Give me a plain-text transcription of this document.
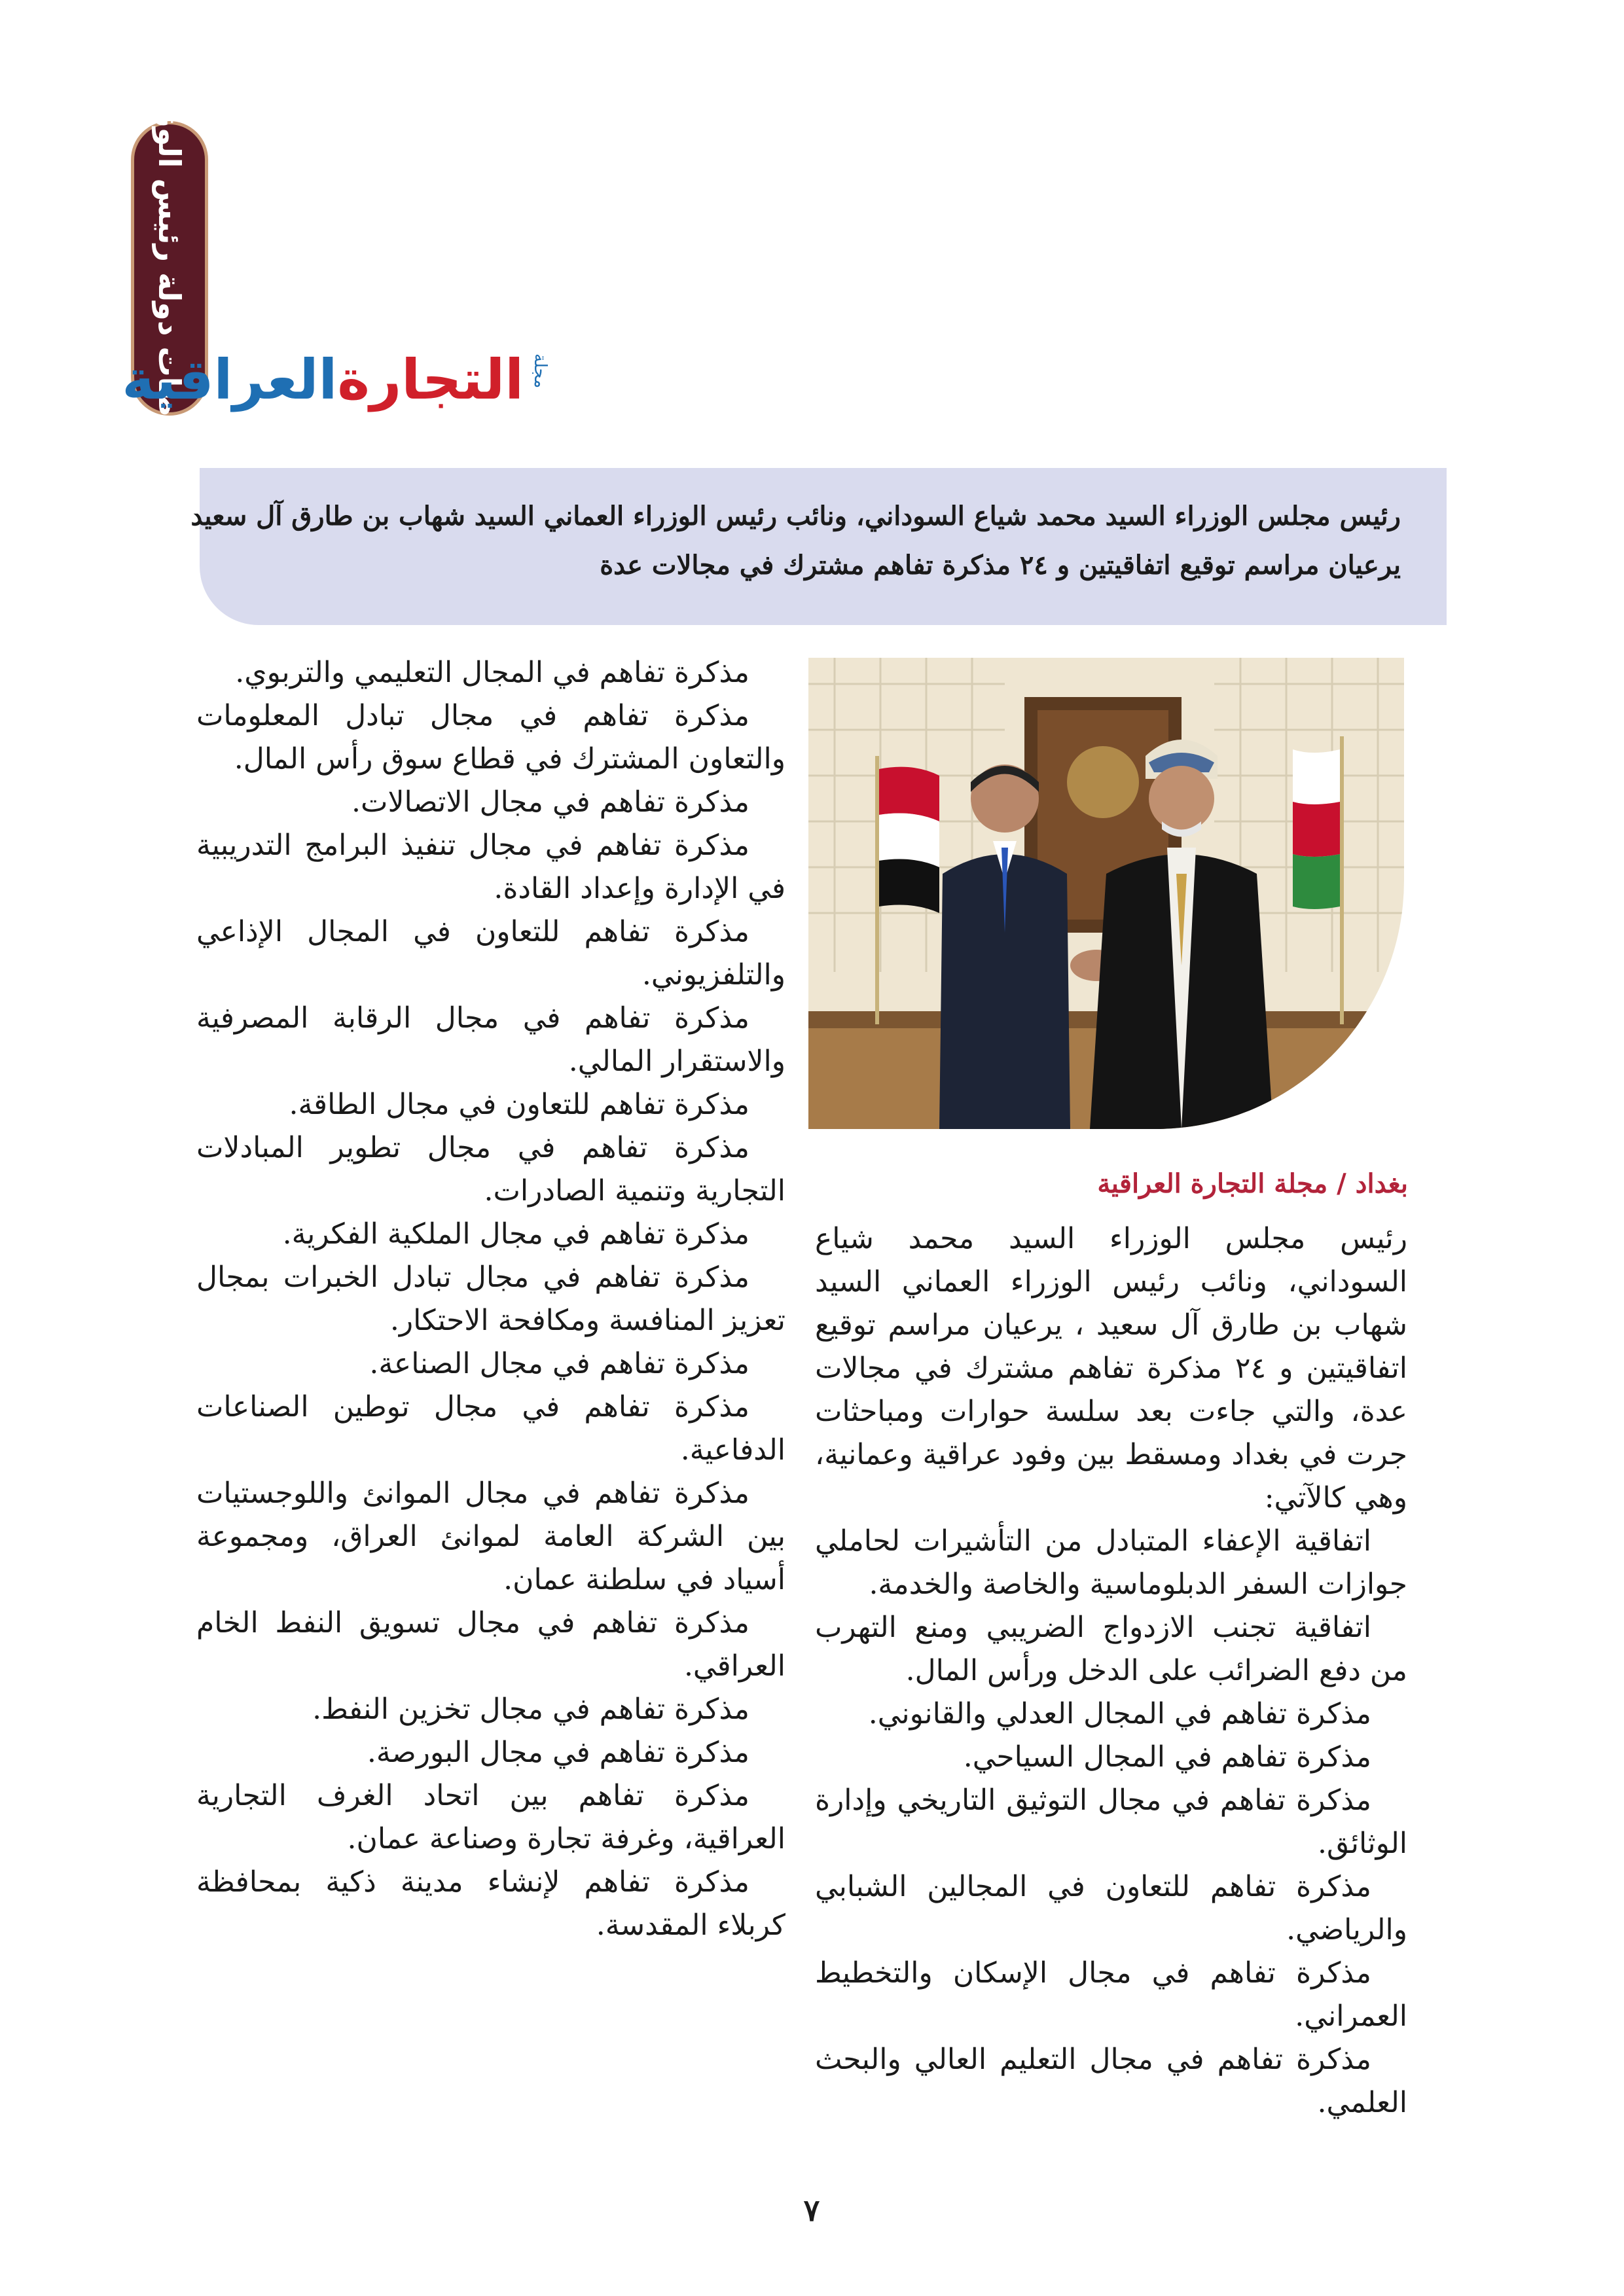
نشاطات دولة رئيس الوزراء	التجارةالعراقية	مجلة
رئيس مجلس الوزراء السيد محمد شياع السوداني، ونائب رئيس الوزراء العماني السيد شهاب بن طارق آل سعيد
يرعيان مراسم توقيع اتفاقيتين و ٢٤ مذكرة تفاهم مشترك في مجالات عدة
بغداد / مجلة التجارة العراقية

مذكرة تفاهم في المجال التعليمي والتربوي.

مذكرة تفاهم في مجال تبادل المعلومات والتعاون المشترك في قطاع سوق رأس المال.

مذكرة تفاهم في مجال الاتصالات.

مذكرة تفاهم في مجال تنفيذ البرامج التدريبية في الإدارة وإعداد القادة.

مذكرة تفاهم للتعاون في المجال الإذاعي والتلفزيوني.

مذكرة تفاهم في مجال الرقابة المصرفية والاستقرار المالي.

مذكرة تفاهم للتعاون في مجال الطاقة.

مذكرة تفاهم في مجال تطوير المبادلات التجارية وتنمية الصادرات.

مذكرة تفاهم في مجال الملكية الفكرية.

مذكرة تفاهم في مجال تبادل الخبرات بمجال تعزيز المنافسة ومكافحة الاحتكار.

مذكرة تفاهم في مجال الصناعة.

مذكرة تفاهم في مجال توطين الصناعات الدفاعية.

مذكرة تفاهم في مجال الموانئ واللوجستيات بين الشركة العامة لموانئ العراق، ومجموعة أسياد في سلطنة عمان.

مذكرة تفاهم في مجال تسويق النفط الخام العراقي.

مذكرة تفاهم في مجال تخزين النفط.

مذكرة تفاهم في مجال البورصة.

مذكرة تفاهم بين اتحاد الغرف التجارية العراقية، وغرفة تجارة وصناعة عمان.

مذكرة تفاهم لإنشاء مدينة ذكية بمحافظة كربلاء المقدسة.

رئيس مجلس الوزراء السيد محمد شياع السوداني، ونائب رئيس الوزراء العماني السيد شهاب بن طارق آل سعيد ، يرعيان مراسم توقيع اتفاقيتين و ٢٤ مذكرة تفاهم مشترك في مجالات عدة، والتي جاءت بعد سلسة حوارات ومباحثات جرت في بغداد ومسقط بين وفود عراقية وعمانية، وهي كالآتي:

اتفاقية الإعفاء المتبادل من التأشيرات لحاملي جوازات السفر الدبلوماسية والخاصة والخدمة.

اتفاقية تجنب الازدواج الضريبي ومنع التهرب من دفع الضرائب على الدخل ورأس المال.

مذكرة تفاهم في المجال العدلي والقانوني.

مذكرة تفاهم في المجال السياحي.

مذكرة تفاهم في مجال التوثيق التاريخي وإدارة الوثائق.

مذكرة تفاهم للتعاون في المجالين الشبابي والرياضي.

مذكرة تفاهم في مجال الإسكان والتخطيط العمراني.

مذكرة تفاهم في مجال التعليم العالي والبحث العلمي.

٧
